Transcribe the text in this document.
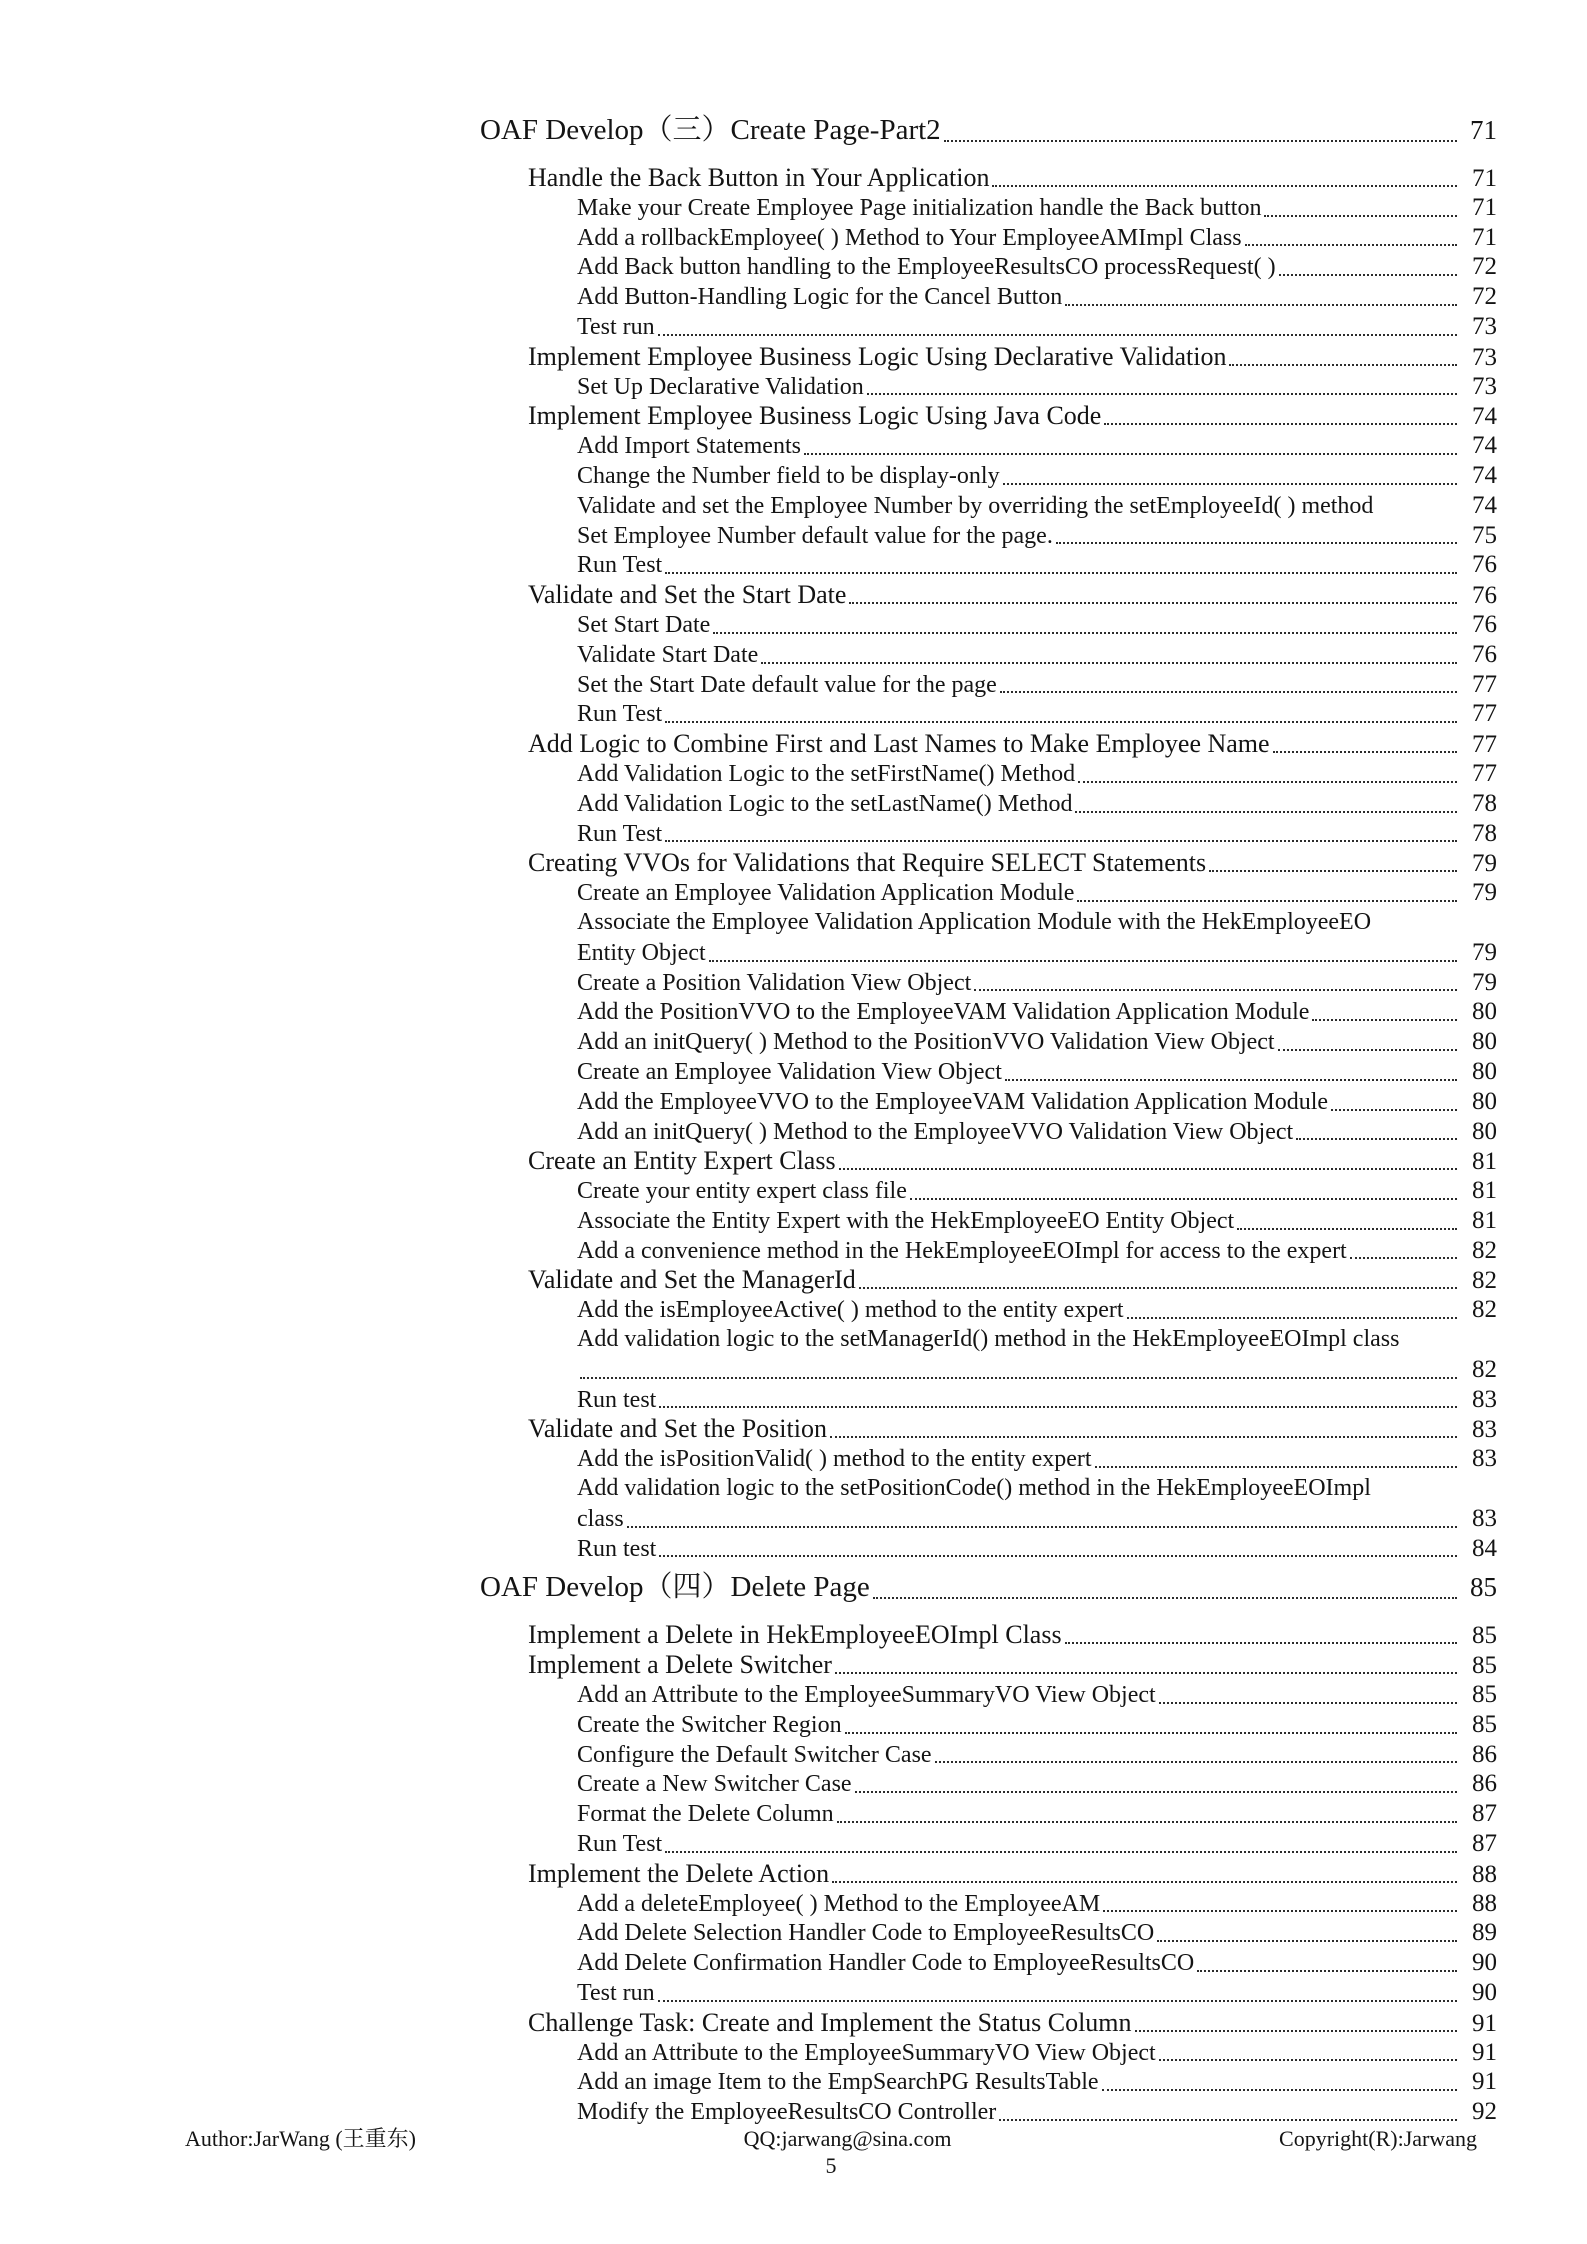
OAF Develop（三）Create Page-Part2	71
Handle the Back Button in Your Application	71
Make your Create Employee Page initialization handle the Back button	71
Add a rollbackEmployee( ) Method to Your EmployeeAMImpl Class	71
Add Back button handling to the EmployeeResultsCO processRequest( )	72
Add Button-Handling Logic for the Cancel Button	72
Test run	73
Implement Employee Business Logic Using Declarative Validation	73
Set Up Declarative Validation	73
Implement Employee Business Logic Using Java Code	74
Add Import Statements	74
Change the Number field to be display-only	74
Validate and set the Employee Number by overriding the setEmployeeId( ) method	74
Set Employee Number default value for the page.	75
Run Test	76
Validate and Set the Start Date	76
Set Start Date	76
Validate Start Date	76
Set the Start Date default value for the page	77
Run Test	77
Add Logic to Combine First and Last Names to Make Employee Name	77
Add Validation Logic to the setFirstName() Method	77
Add Validation Logic to the setLastName() Method	78
Run Test	78
Creating VVOs for Validations that Require SELECT Statements	79
Create an Employee Validation Application Module	79
Associate the Employee Validation Application Module with the HekEmployeeEO
Entity Object	79
Create a Position Validation View Object	79
Add the PositionVVO to the EmployeeVAM Validation Application Module	80
Add an initQuery( ) Method to the PositionVVO Validation View Object	80
Create an Employee Validation View Object	80
Add the EmployeeVVO to the EmployeeVAM Validation Application Module	80
Add an initQuery( ) Method to the EmployeeVVO Validation View Object	80
Create an Entity Expert Class	81
Create your entity expert class file	81
Associate the Entity Expert with the HekEmployeeEO Entity Object	81
Add a convenience method in the HekEmployeeEOImpl for access to the expert	82
Validate and Set the ManagerId	82
Add the isEmployeeActive( ) method to the entity expert	82
Add validation logic to the setManagerId() method in the HekEmployeeEOImpl class
82
Run test	83
Validate and Set the Position	83
Add the isPositionValid( ) method to the entity expert	83
Add validation logic to the setPositionCode() method in the HekEmployeeEOImpl
class	83
Run test	84
OAF Develop（四）Delete Page	85
Implement a Delete in HekEmployeeEOImpl Class	85
Implement a Delete Switcher	85
Add an Attribute to the EmployeeSummaryVO View Object	85
Create the Switcher Region	85
Configure the Default Switcher Case	86
Create a New Switcher Case	86
Format the Delete Column	87
Run Test	87
Implement the Delete Action	88
Add a deleteEmployee( ) Method to the EmployeeAM	88
Add Delete Selection Handler Code to EmployeeResultsCO	89
Add Delete Confirmation Handler Code to EmployeeResultsCO	90
Test run	90
Challenge Task: Create and Implement the Status Column	91
Add an Attribute to the EmployeeSummaryVO View Object	91
Add an image Item to the EmpSearchPG ResultsTable	91
Modify the EmployeeResultsCO Controller	92
Author:JarWang (王重东)	QQ:jarwang@sina.com	Copyright(R):Jarwang
5
